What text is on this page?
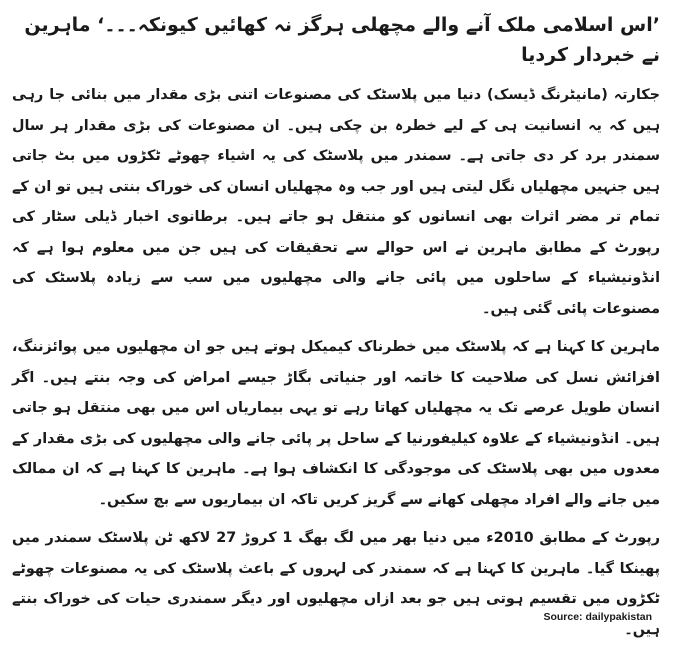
’اس اسلامی ملک آنے والے مچھلی ہرگز نہ کھائیں کیونکہ۔۔۔‘ ماہرین نے خبردار کردیا

جکارتہ (مانیٹرنگ ڈیسک) دنیا میں پلاسٹک کی مصنوعات اتنی بڑی مقدار میں بنائی جا رہی ہیں کہ یہ انسانیت ہی کے لیے خطرہ بن چکی ہیں۔ ان مصنوعات کی بڑی مقدار ہر سال سمندر برد کر دی جاتی ہے۔ سمندر میں پلاسٹک کی یہ اشیاء چھوٹے ٹکڑوں میں بٹ جاتی ہیں جنہیں مچھلیاں نگل لیتی ہیں اور جب وہ مچھلیاں انسان کی خوراک بنتی ہیں تو ان کے تمام تر مضر اثرات بھی انسانوں کو منتقل ہو جاتے ہیں۔ برطانوی اخبار ڈیلی سٹار کی رپورٹ کے مطابق ماہرین نے اس حوالے سے تحقیقات کی ہیں جن میں معلوم ہوا ہے کہ انڈونیشیاء کے ساحلوں میں پائی جانے والی مچھلیوں میں سب سے زیادہ پلاسٹک کی مصنوعات پائی گئی ہیں۔

ماہرین کا کہنا ہے کہ پلاسٹک میں خطرناک کیمیکل ہوتے ہیں جو ان مچھلیوں میں پوائزننگ، افزائش نسل کی صلاحیت کا خاتمہ اور جنیاتی بگاڑ جیسے امراض کی وجہ بنتے ہیں۔ اگر انسان طویل عرصے تک یہ مچھلیاں کھاتا رہے تو یہی بیماریاں اس میں بھی منتقل ہو جاتی ہیں۔ انڈونیشیاء کے علاوہ کیلیفورنیا کے ساحل پر پائی جانے والی مچھلیوں کی بڑی مقدار کے معدوں میں بھی پلاسٹک کی موجودگی کا انکشاف ہوا ہے۔ ماہرین کا کہنا ہے کہ ان ممالک میں جانے والے افراد مچھلی کھانے سے گریز کریں تاکہ ان بیماریوں سے بچ سکیں۔

رپورٹ کے مطابق 2010ء میں دنیا بھر میں لگ بھگ 1 کروڑ 27 لاکھ ٹن پلاسٹک سمندر میں پھینکا گیا۔ ماہرین کا کہنا ہے کہ سمندر کی لہروں کے باعث پلاسٹک کی یہ مصنوعات چھوٹے ٹکڑوں میں تقسیم ہوتی ہیں جو بعد ازاں مچھلیوں اور دیگر سمندری حیات کی خوراک بنتے ہیں۔

Source: dailypakistan
